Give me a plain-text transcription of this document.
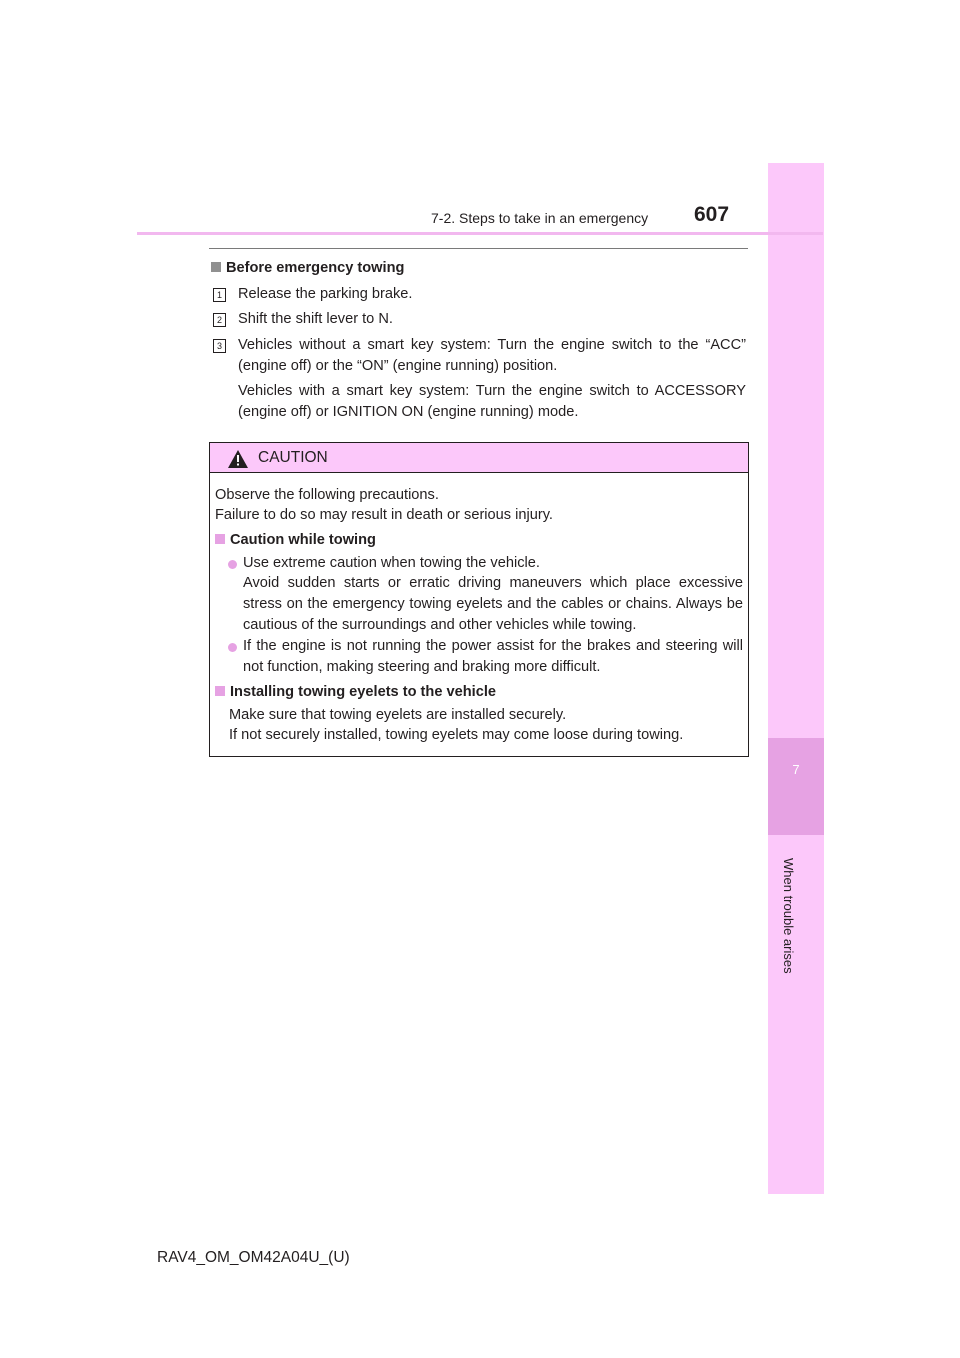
7
When trouble arises
7-2. Steps to take in an emergency 607
Before emergency towing
1 Release the parking brake.
2 Shift the shift lever to N.
3 Vehicles without a smart key system: Turn the engine switch to the “ACC” (engine off) or the “ON” (engine running) position.
Vehicles with a smart key system: Turn the engine switch to ACCESSORY (engine off) or IGNITION ON (engine running) mode.
CAUTION
Observe the following precautions.
Failure to do so may result in death or serious injury.
Caution while towing
Use extreme caution when towing the vehicle.
Avoid sudden starts or erratic driving maneuvers which place excessive stress on the emergency towing eyelets and the cables or chains. Always be cautious of the surroundings and other vehicles while towing.
If the engine is not running the power assist for the brakes and steering will not function, making steering and braking more difficult.
Installing towing eyelets to the vehicle
Make sure that towing eyelets are installed securely.
If not securely installed, towing eyelets may come loose during towing.
RAV4_OM_OM42A04U_(U)
